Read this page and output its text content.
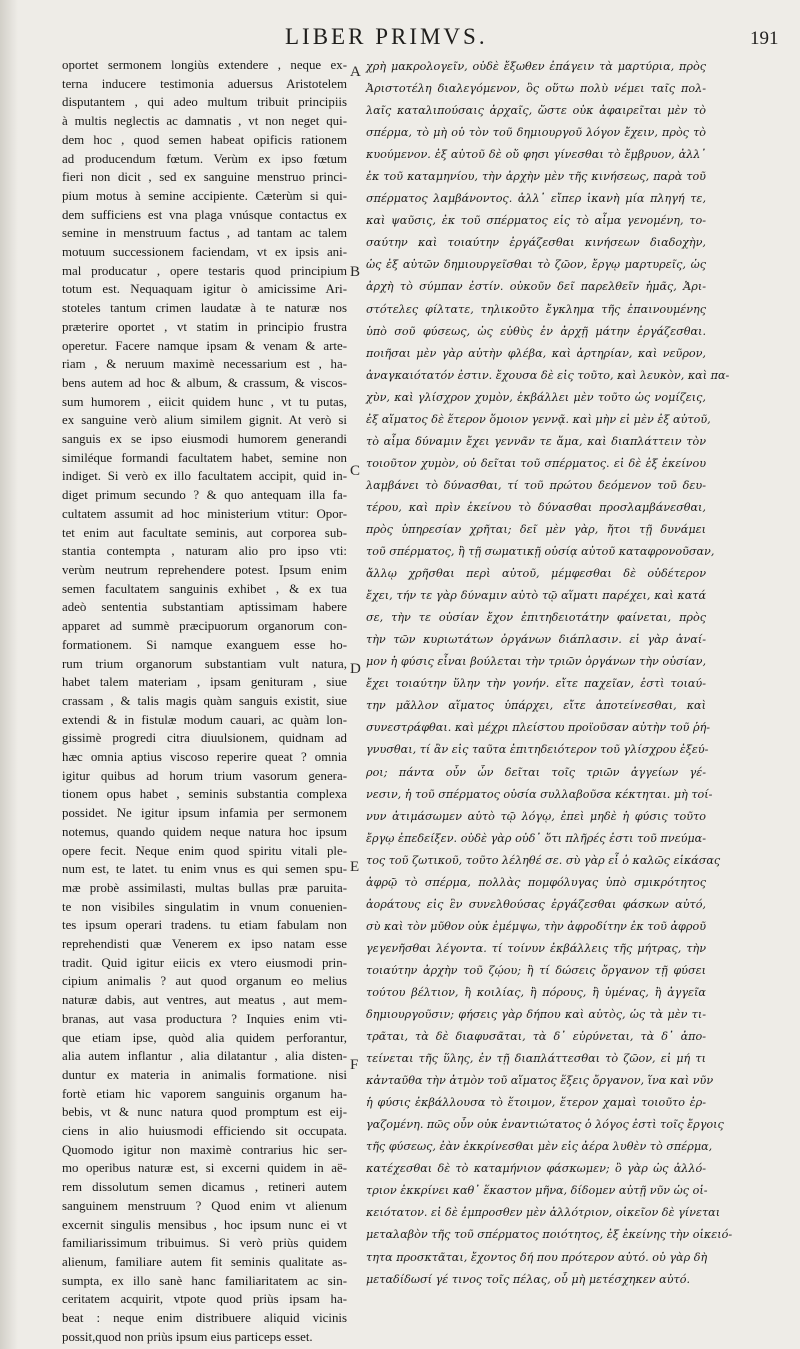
LIBER PRIMVS.	191
oportet sermonem longiùs extendere , neque ex-
terna inducere testimonia aduersus Aristotelem
disputantem , qui adeo multum tribuit principiis
à multis neglectis ac damnatis , vt non neget qui-
dem hoc , quod semen habeat opificis rationem
ad producendum fœtum. Verùm ex ipso fœtum
fieri non dicit , sed ex sanguine menstruo princi-
pium motus à semine accipiente. Cæterùm si qui-
dem sufficiens est vna plaga vnúsque contactus ex
semine in menstruum factus , ad tantam ac talem
motuum successionem faciendam, vt ex ipsis ani-
mal producatur , opere testaris quod principium
totum est. Nequaquam igitur ò amicissime Ari-
stoteles tantum crimen laudatæ à te naturæ nos
præterire oportet , vt statim in principio frustra
operetur. Facere namque ipsam & venam & arte-
riam , & neruum maximè necessarium est , ha-
bens autem ad hoc & album, & crassum, & viscos-
sum humorem , eiicit quidem hunc , vt tu putas,
ex sanguine verò alium similem gignit. At verò si
sanguis ex se ipso eiusmodi humorem generandi
similéque formandi facultatem habet, semine non
indiget. Si verò ex illo facultatem accipit, quid in-
diget primum secundo ? & quo antequam illa fa-
cultatem assumit ad hoc ministerium vtitur: Opor-
tet enim aut facultate seminis, aut corporea sub-
stantia contempta , naturam alio pro ipso vti:
verùm neutrum reprehendere potest. Ipsum enim
semen facultatem sanguinis exhibet , & ex tua
adeò sententia substantiam aptissimam habere
apparet ad summè præcipuorum organorum con-
formationem. Si namque exanguem esse ho-
rum trium organorum substantiam vult natura,
habet talem materiam , ipsam genituram , siue
crassam , & talis magis quàm sanguis existit, siue
extendi & in fistulæ modum cauari, ac quàm lon-
gissimè progredi citra diuulsionem, quidnam ad
hæc omnia aptius viscoso reperire queat ? omnia
igitur quibus ad horum trium vasorum genera-
tionem opus habet , seminis substantia complexa
possidet. Ne igitur ipsum infamia per sermonem
notemus, quando quidem neque natura hoc ipsum
opere fecit. Neque enim quod spiritu vitali ple-
num est, te latet. tu enim vnus es qui semen spu-
mæ probè assimilasti, multas bullas præ paruita-
te non visibiles singulatim in vnum conuenien-
tes ipsum operari tradens. tu etiam fabulam non
reprehendisti quæ Venerem ex ipso natam esse
tradit. Quid igitur eiicis ex vtero eiusmodi prin-
cipium animalis ? aut quod organum eo melius
naturæ dabis, aut ventres, aut meatus , aut mem-
branas, aut vasa productura ? Inquies enim vti-
que etiam ipse, quòd alia quidem perforantur,
alia autem inflantur , alia dilatantur , alia disten-
duntur ex materia in animalis formatione. nisi
fortè etiam hic vaporem sanguinis organum ha-
bebis, vt & nunc natura quod promptum est eij-
ciens in alio huiusmodi efficiendo sit occupata.
Quomodo igitur non maximè contrarius hic ser-
mo operibus naturæ est, si excerni quidem in aë-
rem dissolutum semen dicamus , retineri autem
sanguinem menstruum ? Quod enim vt alienum
excernit singulis mensibus , hoc ipsum nunc ei vt
familiarissimum tribuimus. Si verò priùs quidem
alienum, familiare autem fit seminis qualitate as-
sumpta, ex illo sanè hanc familiaritatem ac sin-
ceritatem acquirit, vtpote quod priùs ipsam ha-
beat : neque enim distribuere aliquid vicinis
possit,quod non priùs ipsum eius particeps esset.
A
B
C
D
E
F
χρὴ μακρολογεῖν, οὐδὲ ἔξωθεν ἐπάγειν τὰ μαρτύρια, πρὸς
Ἀριστοτέλη διαλεγόμενον, ὃς οὕτω πολὺ νέμει ταῖς πολ-
λαῖς καταλιπούσαις ἀρχαῖς, ὥστε οὐκ ἀφαιρεῖται μὲν τὸ
σπέρμα, τὸ μὴ οὐ τὸν τοῦ δημιουργοῦ λόγον ἔχειν, πρὸς τὸ
κυούμενον. ἐξ αὐτοῦ δὲ οὔ φησι γίνεσθαι τὸ ἔμβρυον, ἀλλ᾽
ἐκ τοῦ καταμηνίου, τὴν ἀρχὴν μὲν τῆς κινήσεως, παρὰ τοῦ
σπέρματος λαμβάνοντος. ἀλλ᾽ εἴπερ ἱκανὴ μία πληγή τε,
καὶ ψαῦσις, ἐκ τοῦ σπέρματος εἰς τὸ αἷμα γενομένη, το-
σαύτην καὶ τοιαύτην ἐργάζεσθαι κινήσεων διαδοχὴν,
ὡς ἐξ αὐτῶν δημιουργεῖσθαι τὸ ζῶον, ἔργῳ μαρτυρεῖς, ὡς
ἀρχὴ τὸ σύμπαν ἐστίν. οὐκοῦν δεῖ παρελθεῖν ἡμᾶς, Ἀρι-
στότελες φίλτατε, τηλικοῦτο ἔγκλημα τῆς ἐπαινουμένης
ὑπὸ σοῦ φύσεως, ὡς εὐθὺς ἐν ἀρχῇ μάτην ἐργάζεσθαι.
ποιῆσαι μὲν γὰρ αὐτὴν φλέβα, καὶ ἀρτηρίαν, καὶ νεῦρον,
ἀναγκαιότατόν ἐστιν. ἔχουσα δὲ εἰς τοῦτο, καὶ λευκὸν, καὶ πα-
χὺν, καὶ γλίσχρον χυμὸν, ἐκβάλλει μὲν τοῦτο ὡς νομίζεις,
ἐξ αἵματος δὲ ἕτερον ὅμοιον γεννᾷ. καὶ μὴν εἰ μὲν ἐξ αὐτοῦ,
τὸ αἷμα δύναμιν ἔχει γεννᾶν τε ἅμα, καὶ διαπλάττειν τὸν
τοιοῦτον χυμὸν, οὐ δεῖται τοῦ σπέρματος. εἰ δὲ ἐξ ἐκείνου
λαμβάνει τὸ δύνασθαι, τί τοῦ πρώτου δεόμενον τοῦ δευ-
τέρου, καὶ πρὶν ἐκείνου τὸ δύνασθαι προσλαμβάνεσθαι,
πρὸς ὑπηρεσίαν χρῆται; δεῖ μὲν γὰρ, ἤτοι τῇ δυνάμει
τοῦ σπέρματος, ἢ τῇ σωματικῇ οὐσίᾳ αὐτοῦ καταφρονοῦσαν,
ἄλλῳ χρῆσθαι περὶ αὐτοῦ, μέμφεσθαι δὲ οὐδέτερον
ἔχει, τήν τε γὰρ δύναμιν αὐτὸ τῷ αἵματι παρέχει, καὶ κατά
σε, τὴν τε οὐσίαν ἔχον ἐπιτηδειοτάτην φαίνεται, πρὸς
τὴν τῶν κυριωτάτων ὀργάνων διάπλασιν. εἰ γὰρ ἀναί-
μον ἡ φύσις εἶναι βούλεται τὴν τριῶν ὀργάνων τὴν οὐσίαν,
ἔχει τοιαύτην ὕλην τὴν γονήν. εἴτε παχεῖαν, ἐστὶ τοιαύ-
την μᾶλλον αἵματος ὑπάρχει, εἴτε ἀποτείνεσθαι, καὶ
συνεστράφθαι. καὶ μέχρι πλείστου προϊοῦσαν αὐτὴν τοῦ ῥή-
γνυσθαι, τί ἂν εἰς ταῦτα ἐπιτηδειότερον τοῦ γλίσχρου ἐξεύ-
ροι; πάντα οὖν ὧν δεῖται τοῖς τριῶν ἀγγείων γέ-
νεσιν, ἡ τοῦ σπέρματος οὐσία συλλαβοῦσα κέκτηται. μὴ τοί-
νυν ἀτιμάσωμεν αὐτὸ τῷ λόγῳ, ἐπεὶ μηδὲ ἡ φύσις τοῦτο
ἔργῳ ἐπεδείξεν. οὐδὲ γὰρ οὐδ᾽ ὅτι πλῆρές ἐστι τοῦ πνεύμα-
τος τοῦ ζωτικοῦ, τοῦτο λέληθέ σε. σὺ γὰρ εἶ ὁ καλῶς εἰκάσας
ἀφρῷ τὸ σπέρμα, πολλὰς πομφόλυγας ὑπὸ σμικρότητος
ἀοράτους εἰς ἓν συνελθούσας ἐργάζεσθαι φάσκων αὐτό,
σὺ καὶ τὸν μῦθον οὐκ ἐμέμψω, τὴν ἀφροδίτην ἐκ τοῦ ἀφροῦ
γεγενῆσθαι λέγοντα. τί τοίνυν ἐκβάλλεις τῆς μήτρας, τὴν
τοιαύτην ἀρχὴν τοῦ ζῴου; ἢ τί δώσεις ὄργανον τῇ φύσει
τούτου βέλτιον, ἢ κοιλίας, ἢ πόρους, ἢ ὑμένας, ἢ ἀγγεῖα
δημιουργοῦσιν; φήσεις γὰρ δήπου καὶ αὐτὸς, ὡς τὰ μὲν τι-
τρᾶται, τὰ δὲ διαφυσᾶται, τὰ δ᾽ εὐρύνεται, τὰ δ᾽ ἀπο-
τείνεται τῆς ὕλης, ἐν τῇ διαπλάττεσθαι τὸ ζῶον, εἰ μή τι
κἀνταῦθα τὴν ἀτμὸν τοῦ αἵματος ἕξεις ὄργανον, ἵνα καὶ νῦν
ἡ φύσις ἐκβάλλουσα τὸ ἕτοιμον, ἕτερον χαμαὶ τοιοῦτο ἐρ-
γαζομένη. πῶς οὖν οὐκ ἐναντιώτατος ὁ λόγος ἐστὶ τοῖς ἔργοις
τῆς φύσεως, ἐὰν ἐκκρίνεσθαι μὲν εἰς ἀέρα λυθὲν τὸ σπέρμα,
κατέχεσθαι δὲ τὸ καταμήνιον φάσκωμεν; ὃ γὰρ ὡς ἀλλό-
τριον ἐκκρίνει καθ᾽ ἕκαστον μῆνα, δίδομεν αὐτῇ νῦν ὡς οἰ-
κειότατον. εἰ δὲ ἐμπροσθεν μὲν ἀλλότριον, οἰκεῖον δὲ γίνεται
μεταλαβὸν τῆς τοῦ σπέρματος ποιότητος, ἐξ ἐκείνης τὴν οἰκειό-
τητα προσκτᾶται, ἔχοντος δή που πρότερον αὐτό. οὐ γὰρ δὴ
μεταδίδωσί γέ τινος τοῖς πέλας, οὗ μὴ μετέσχηκεν αὐτό.
